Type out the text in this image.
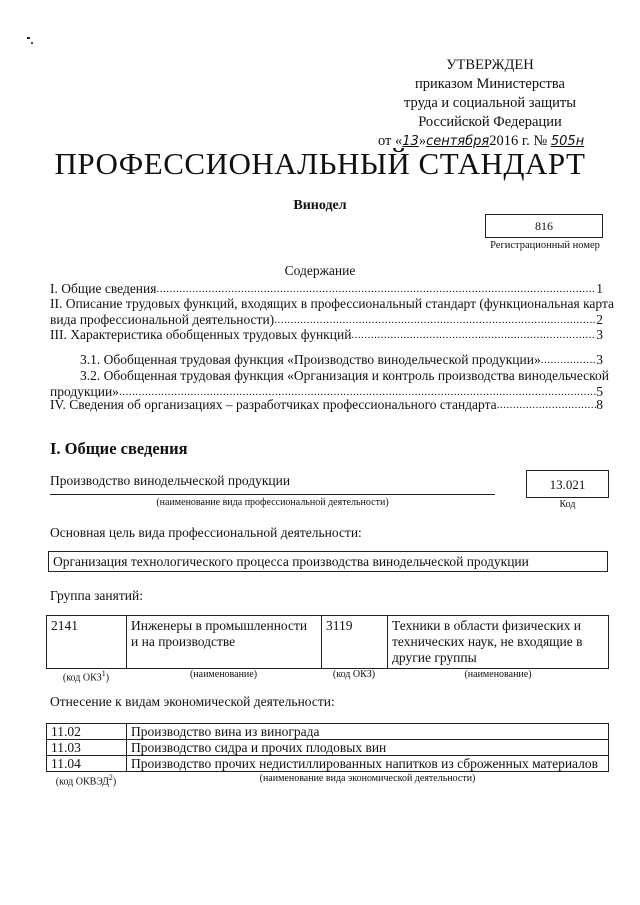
УТВЕРЖДЕН
приказом Министерства
труда и социальной защиты
Российской Федерации
от «13»сентября2016 г. № 505н
ПРОФЕССИОНАЛЬНЫЙ СТАНДАРТ
Винодел
816
Регистрационный номер
Содержание
I. Общие сведения .....	1
II. Описание трудовых функций, входящих в профессиональный стандарт (функциональная карта
вида профессиональной деятельности) .....	2
III. Характеристика обобщенных трудовых функций .....	3
3.1. Обобщенная трудовая функция «Производство винодельческой продукции» .....	3
3.2. Обобщенная трудовая функция «Организация и контроль производства винодельческой
продукции» .....	5
IV. Сведения об организациях – разработчиках профессионального стандарта .....	8
I. Общие сведения
Производство винодельческой продукции
(наименование вида профессиональной деятельности)
13.021
Код
Основная цель вида профессиональной деятельности:
Организация технологического процесса производства винодельческой продукции
Группа занятий:
2141	Инженеры в промышленности и на производстве	3119	Техники в области физических и технических наук, не входящие в другие группы
(код ОКЗ$^1$)	(наименование)	(код ОКЗ)	(наименование)
Отнесение к видам экономической деятельности:
11.02	Производство вина из винограда
11.03	Производство сидра и прочих плодовых вин
11.04	Производство прочих недистиллированных напитков из сброженных материалов
(код ОКВЭД$^2$)	(наименование вида экономической деятельности)
